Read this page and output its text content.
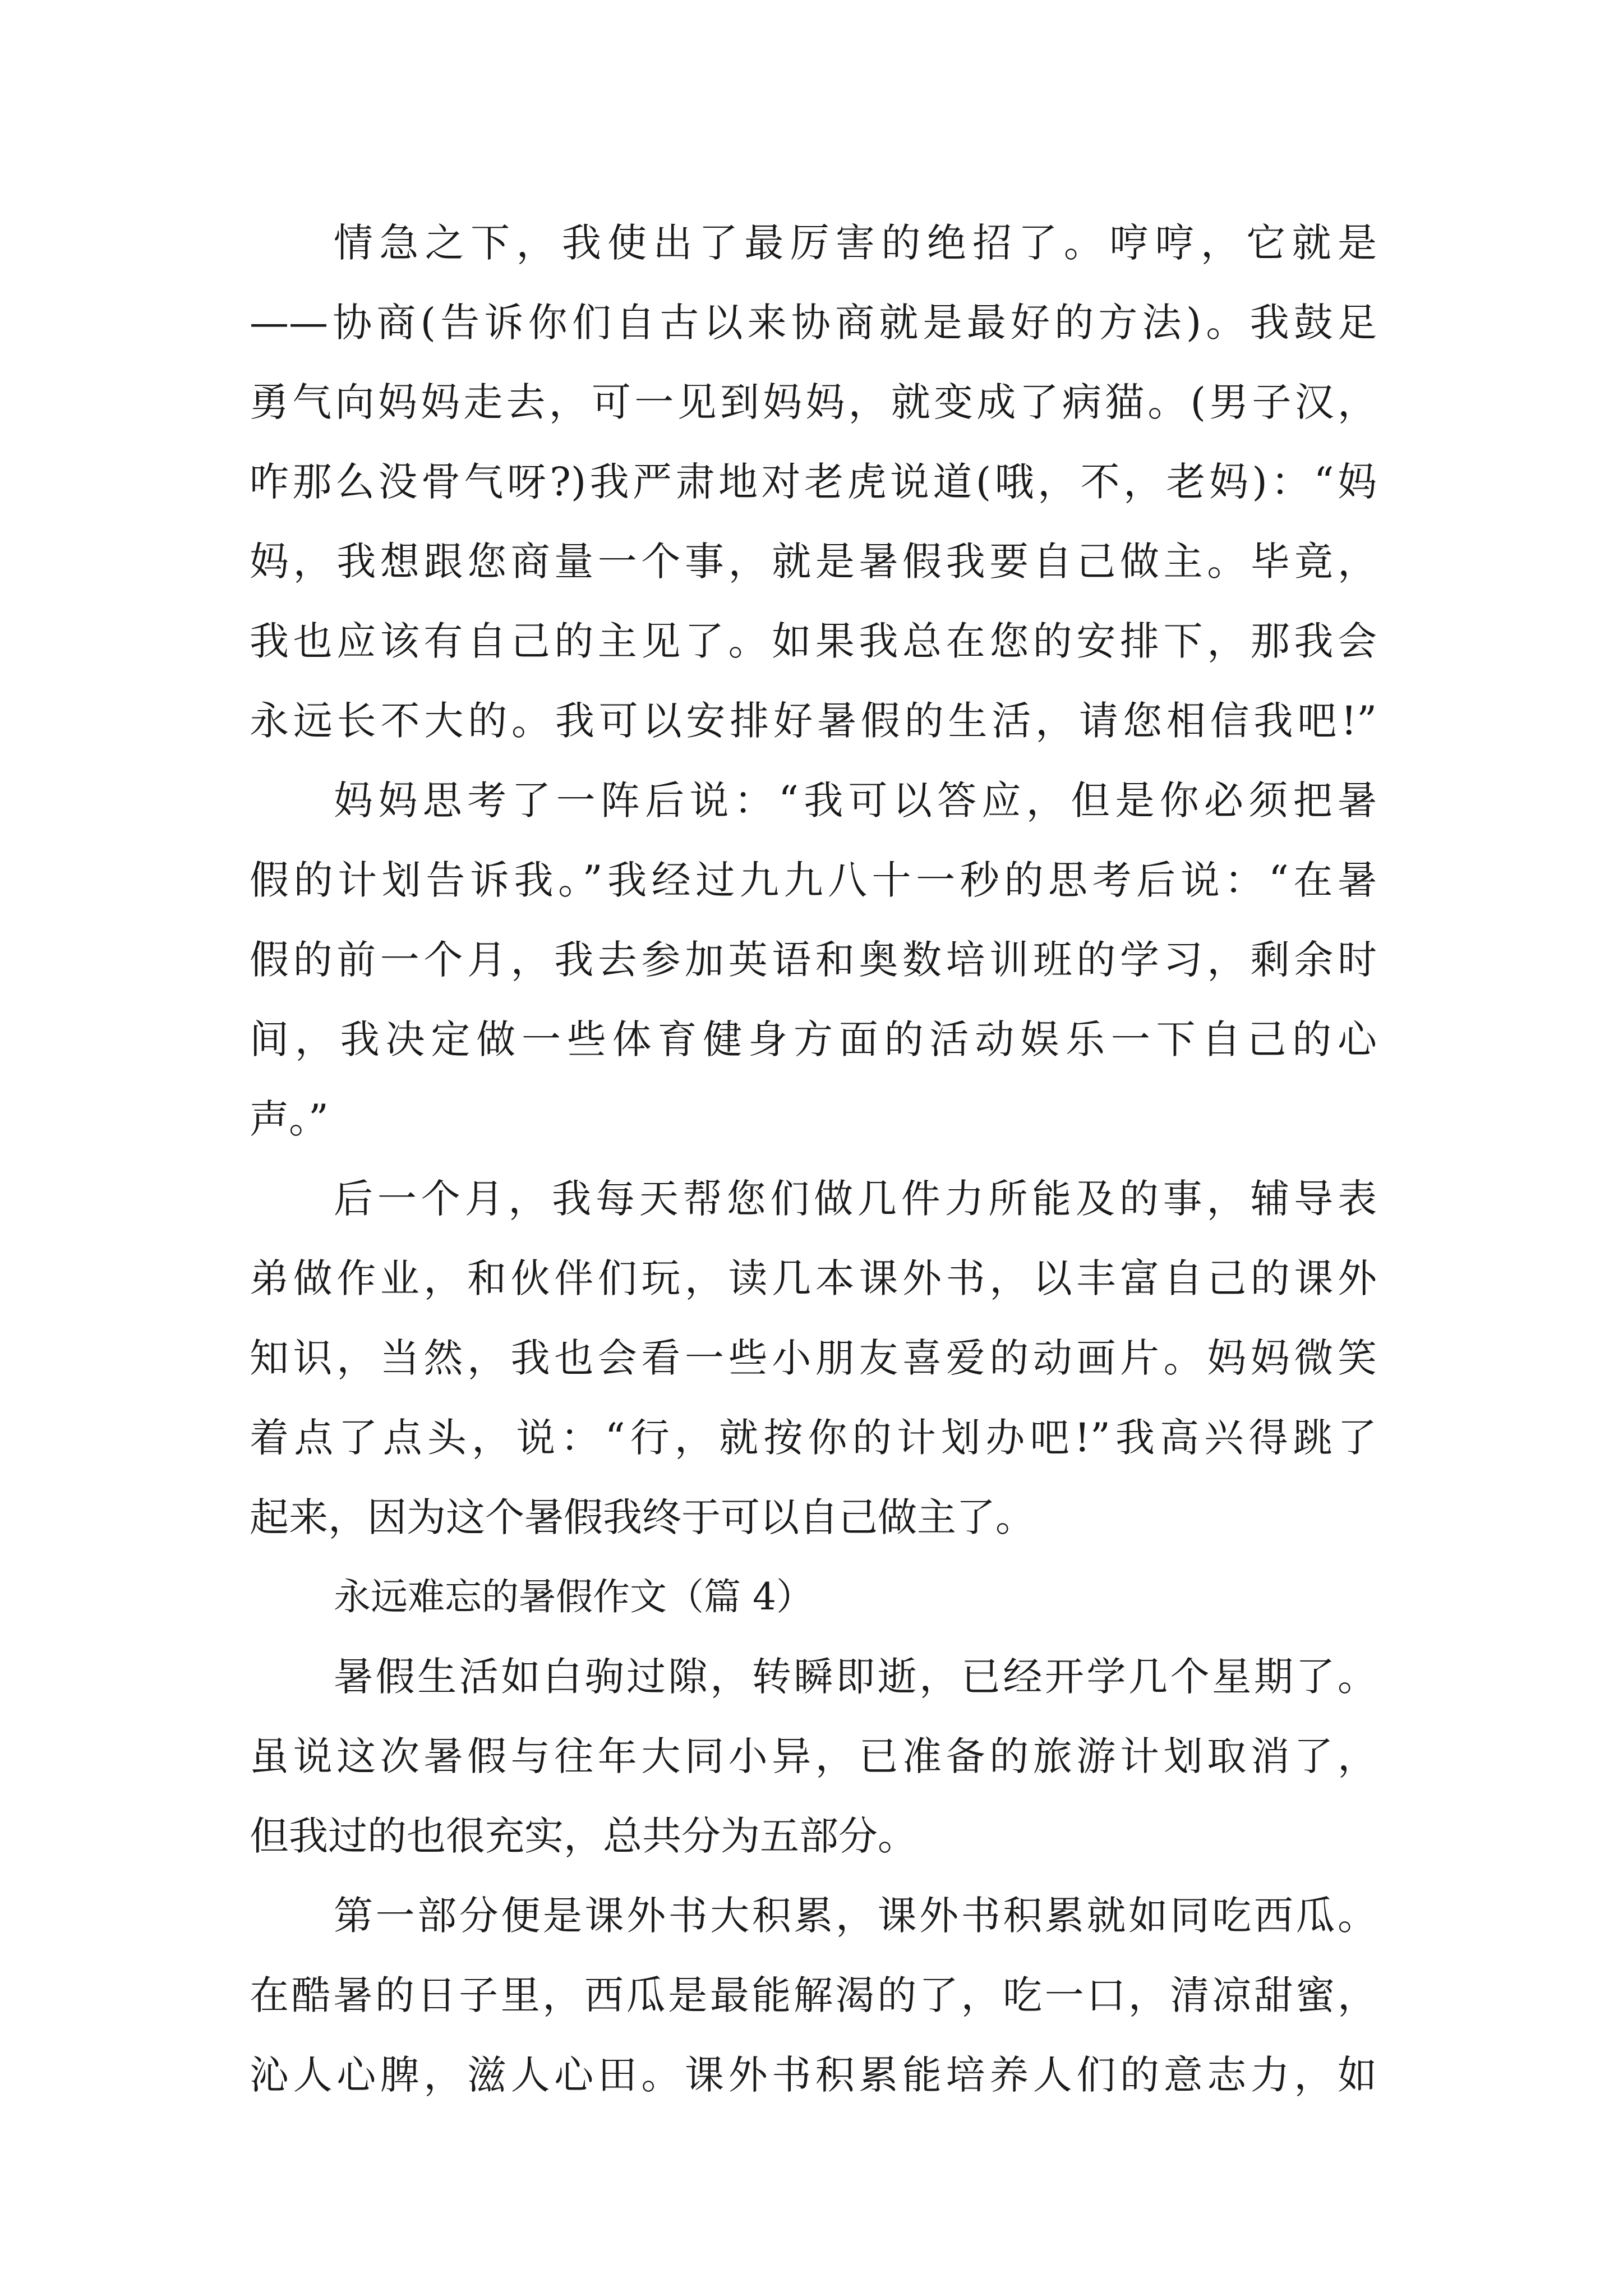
情急之下，我使出了最厉害的绝招了。哼哼，它就是
——协商(告诉你们自古以来协商就是最好的方法)。我鼓足
勇气向妈妈走去，可一见到妈妈，就变成了病猫。(男子汉，
咋那么没骨气呀?)我严肃地对老虎说道(哦，不，老妈)：“妈
妈，我想跟您商量一个事，就是暑假我要自己做主。毕竟，
我也应该有自己的主见了。如果我总在您的安排下，那我会
永远长不大的。我可以安排好暑假的生活，请您相信我吧!”
妈妈思考了一阵后说：“我可以答应，但是你必须把暑
假的计划告诉我。”我经过九九八十一秒的思考后说：“在暑
假的前一个月，我去参加英语和奥数培训班的学习，剩余时
间，我决定做一些体育健身方面的活动娱乐一下自己的心
声。”
后一个月，我每天帮您们做几件力所能及的事，辅导表
弟做作业，和伙伴们玩，读几本课外书，以丰富自己的课外
知识，当然，我也会看一些小朋友喜爱的动画片。妈妈微笑
着点了点头，说：“行，就按你的计划办吧!”我高兴得跳了
起来，因为这个暑假我终于可以自己做主了。
永远难忘的暑假作文（篇 4）
暑假生活如白驹过隙，转瞬即逝，已经开学几个星期了。
虽说这次暑假与往年大同小异，已准备的旅游计划取消了，
但我过的也很充实，总共分为五部分。
第一部分便是课外书大积累，课外书积累就如同吃西瓜。
在酷暑的日子里，西瓜是最能解渴的了，吃一口，清凉甜蜜，
沁人心脾，滋人心田。课外书积累能培养人们的意志力，如
